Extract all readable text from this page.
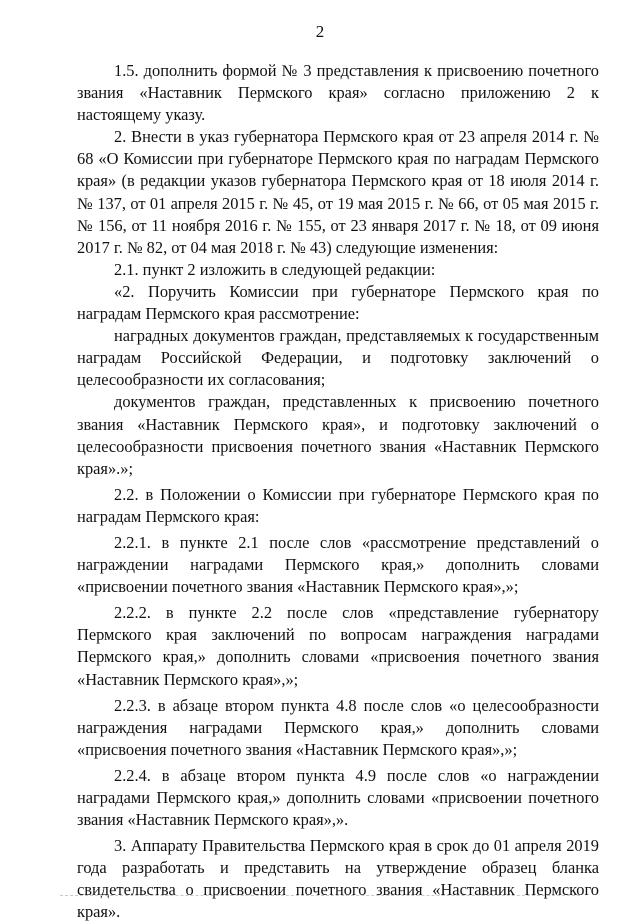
2

1.5. дополнить формой № 3 представления к присвоению почетного звания «Наставник Пермского края» согласно приложению 2 к настоящему указу.

2. Внести в указ губернатора Пермского края от 23 апреля 2014 г. № 68 «О Комиссии при губернаторе Пермского края по наградам Пермского края» (в редакции указов губернатора Пермского края от 18 июля 2014 г. № 137, от 01 апреля 2015 г. № 45, от 19 мая 2015 г. № 66, от 05 мая 2015 г. № 156, от 11 ноября 2016 г. № 155, от 23 января 2017 г. № 18, от 09 июня 2017 г. № 82, от 04 мая 2018 г. № 43) следующие изменения:

2.1. пункт 2 изложить в следующей редакции:

«2. Поручить Комиссии при губернаторе Пермского края по наградам Пермского края рассмотрение:

наградных документов граждан, представляемых к государственным наградам Российской Федерации, и подготовку заключений о целесообразности их согласования;

документов граждан, представленных к присвоению почетного звания «Наставник Пермского края», и подготовку заключений о целесообразности присвоения почетного звания «Наставник Пермского края».»;

2.2. в Положении о Комиссии при губернаторе Пермского края по наградам Пермского края:

2.2.1. в пункте 2.1 после слов «рассмотрение представлений о награждении наградами Пермского края,» дополнить словами «присвоении почетного звания «Наставник Пермского края»,»;

2.2.2. в пункте 2.2 после слов «представление губернатору Пермского края заключений по вопросам награждения наградами Пермского края,» дополнить словами «присвоения почетного звания «Наставник Пермского края»,»;

2.2.3. в абзаце втором пункта 4.8 после слов «о целесообразности награждения наградами Пермского края,» дополнить словами «присвоения почетного звания «Наставник Пермского края»,»;

2.2.4. в абзаце втором пункта 4.9 после слов «о награждении наградами Пермского края,» дополнить словами «присвоении почетного звания «Наставник Пермского края»,».

3. Аппарату Правительства Пермского края в срок до 01 апреля 2019 года разработать и представить на утверждение образец бланка свидетельства о присвоении почетного звания «Наставник Пермского края».
